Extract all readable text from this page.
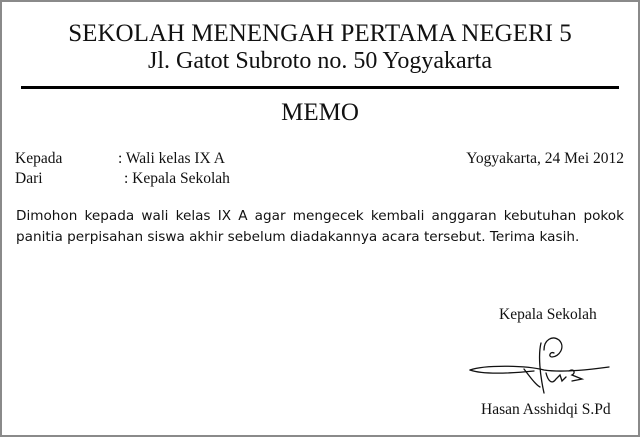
SEKOLAH MENENGAH PERTAMA NEGERI 5
Jl. Gatot Subroto no. 50 Yogyakarta
MEMO
Kepada	: Wali kelas IX A
Dari	: Kepala Sekolah
Yogyakarta, 24 Mei 2012
Dimohon kepada wali kelas IX A agar mengecek kembali anggaran kebutuhan pokok panitia perpisahan siswa akhir sebelum diadakannya acara tersebut. Terima kasih.
Kepala Sekolah
Hasan Asshidqi S.Pd
